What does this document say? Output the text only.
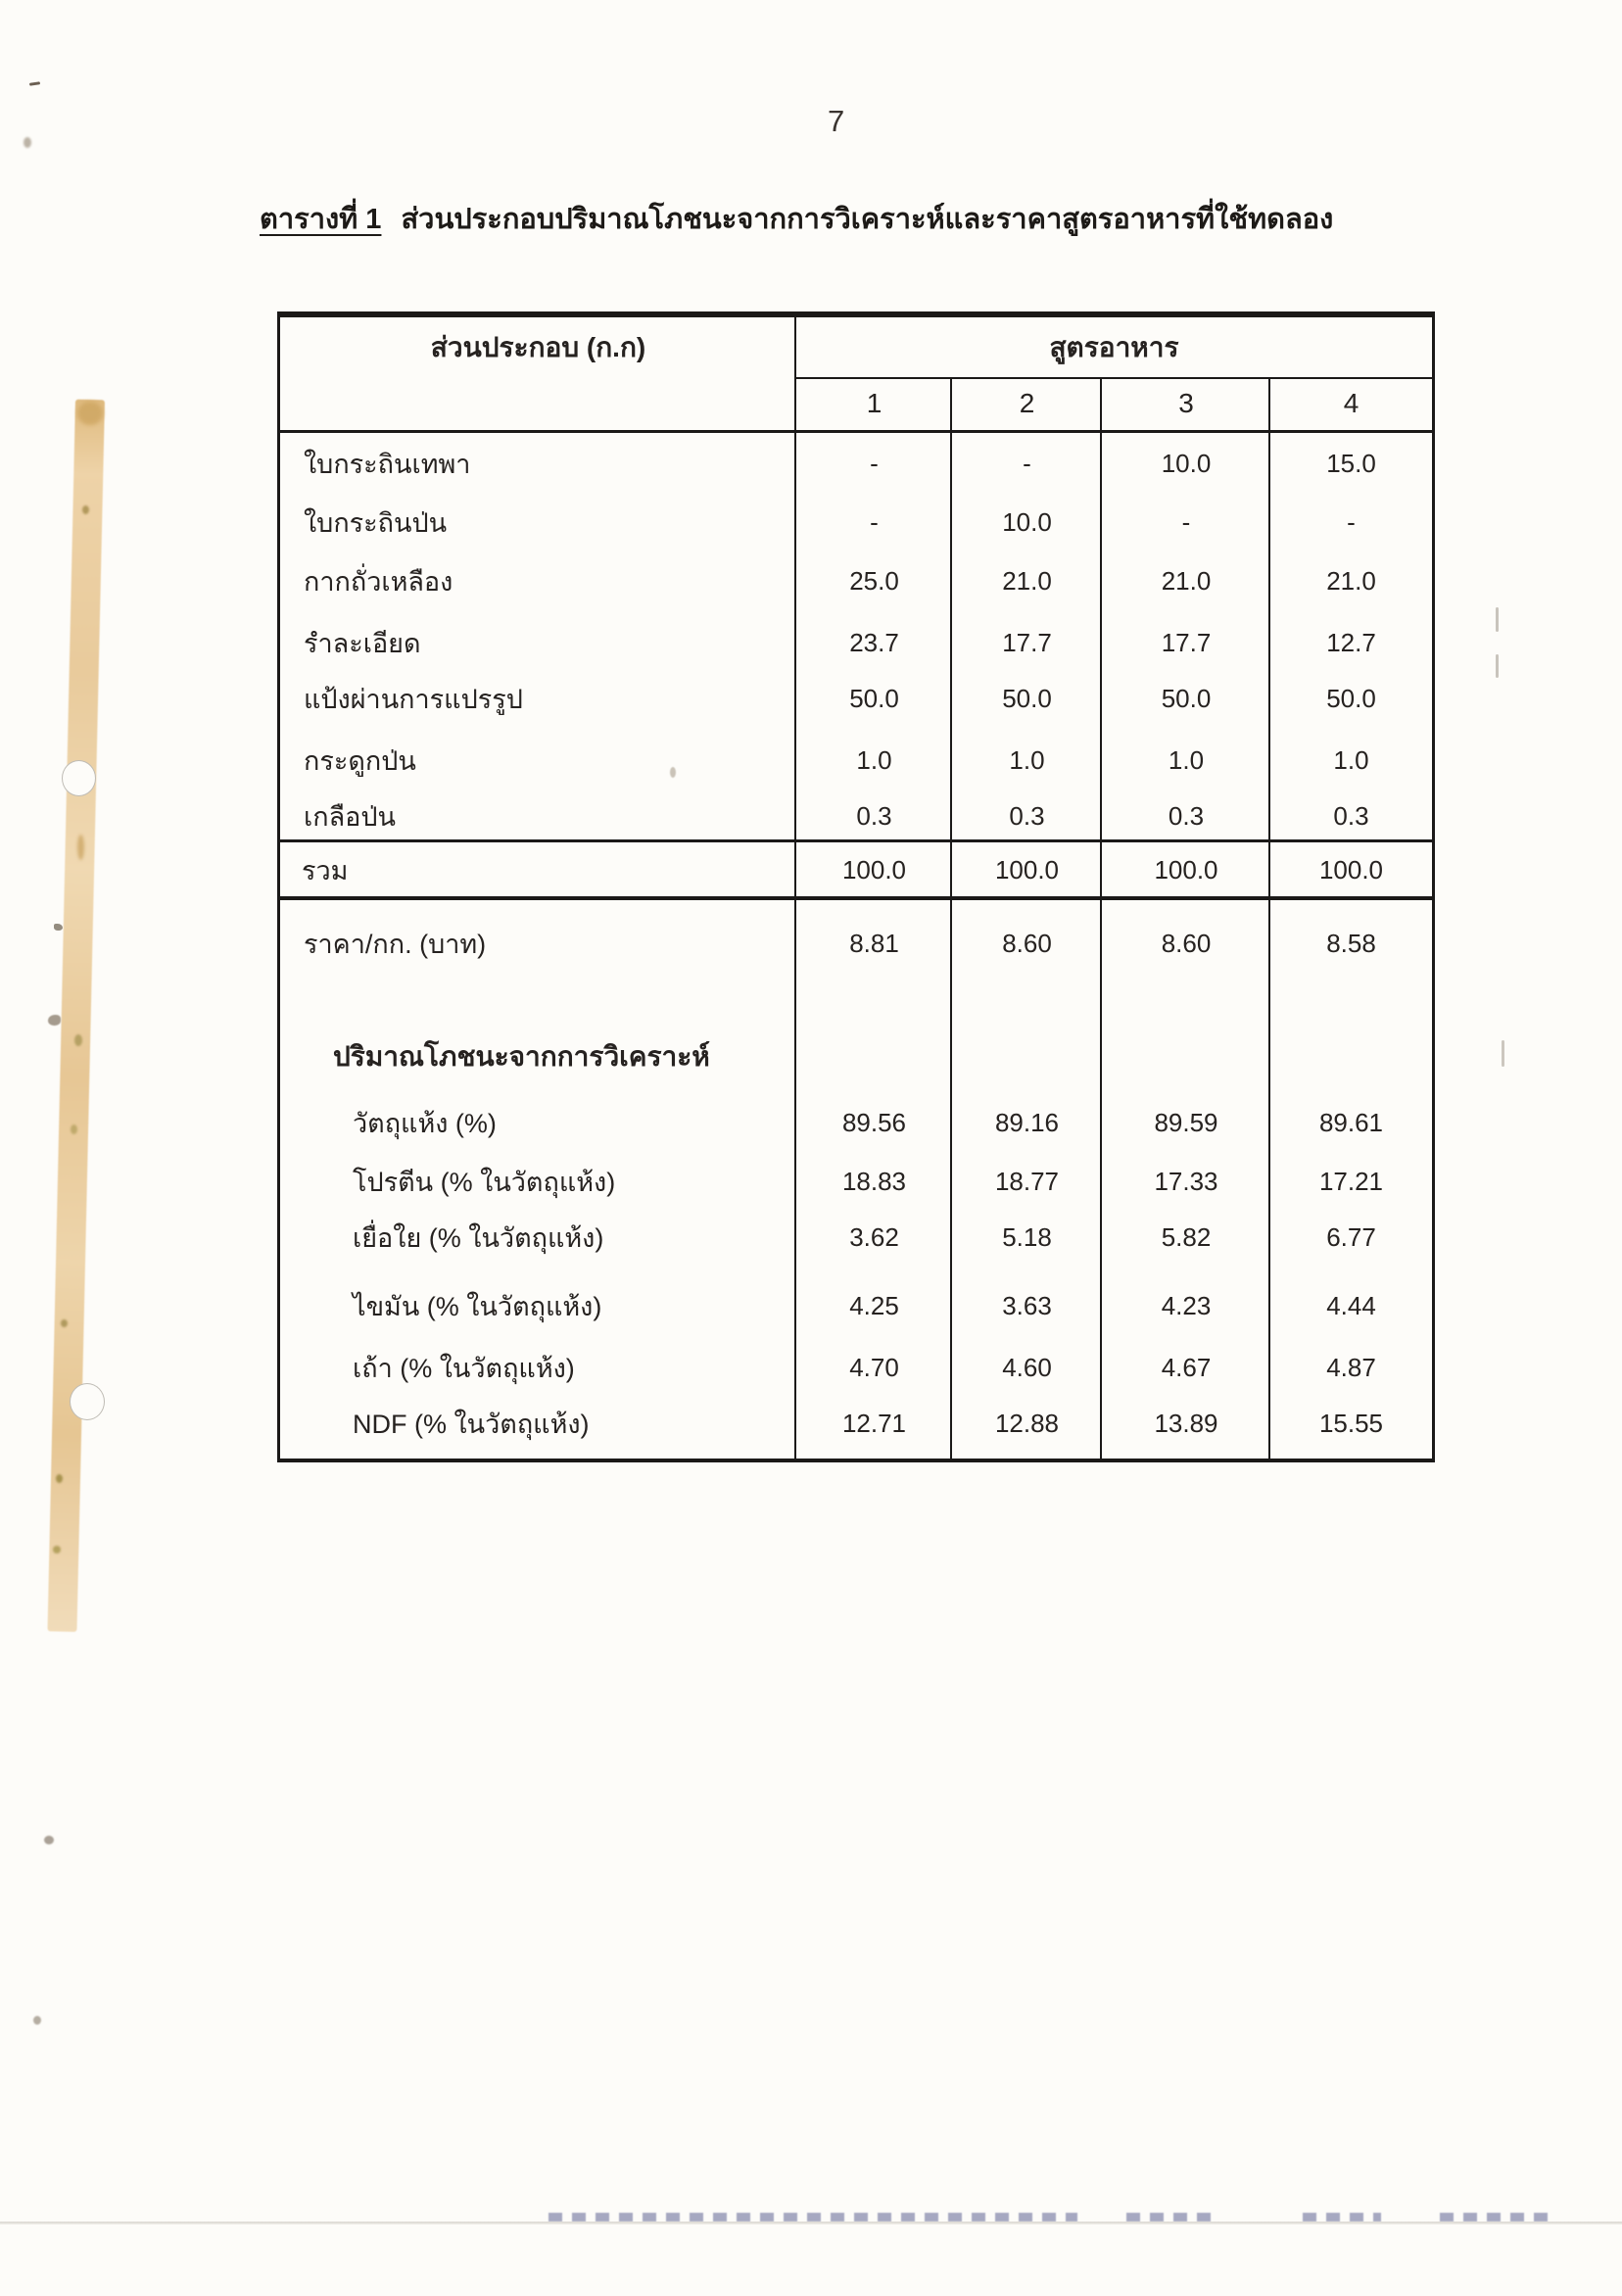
7
ตารางที่ 1 ส่วนประกอบปริมาณโภชนะจากการวิเคราะห์และราคาสูตรอาหารที่ใช้ทดลอง
ส่วนประกอบ (ก.ก)	สูตรอาหาร
1	2	3	4
ใบกระถินเทพา	-	-	10.0	15.0
ใบกระถินป่น	-	10.0	-	-
กากถั่วเหลือง	25.0	21.0	21.0	21.0
รำละเอียด	23.7	17.7	17.7	12.7
แป้งผ่านการแปรรูป	50.0	50.0	50.0	50.0
กระดูกป่น	1.0	1.0	1.0	1.0
เกลือป่น	0.3	0.3	0.3	0.3
รวม	100.0	100.0	100.0	100.0
ราคา/กก. (บาท)	8.81	8.60	8.60	8.58
ปริมาณโภชนะจากการวิเคราะห์
วัตถุแห้ง (%)	89.56	89.16	89.59	89.61
โปรตีน (% ในวัตถุแห้ง)	18.83	18.77	17.33	17.21
เยื่อใย (% ในวัตถุแห้ง)	3.62	5.18	5.82	6.77
ไขมัน (% ในวัตถุแห้ง)	4.25	3.63	4.23	4.44
เถ้า (% ในวัตถุแห้ง)	4.70	4.60	4.67	4.87
NDF (% ในวัตถุแห้ง)	12.71	12.88	13.89	15.55
